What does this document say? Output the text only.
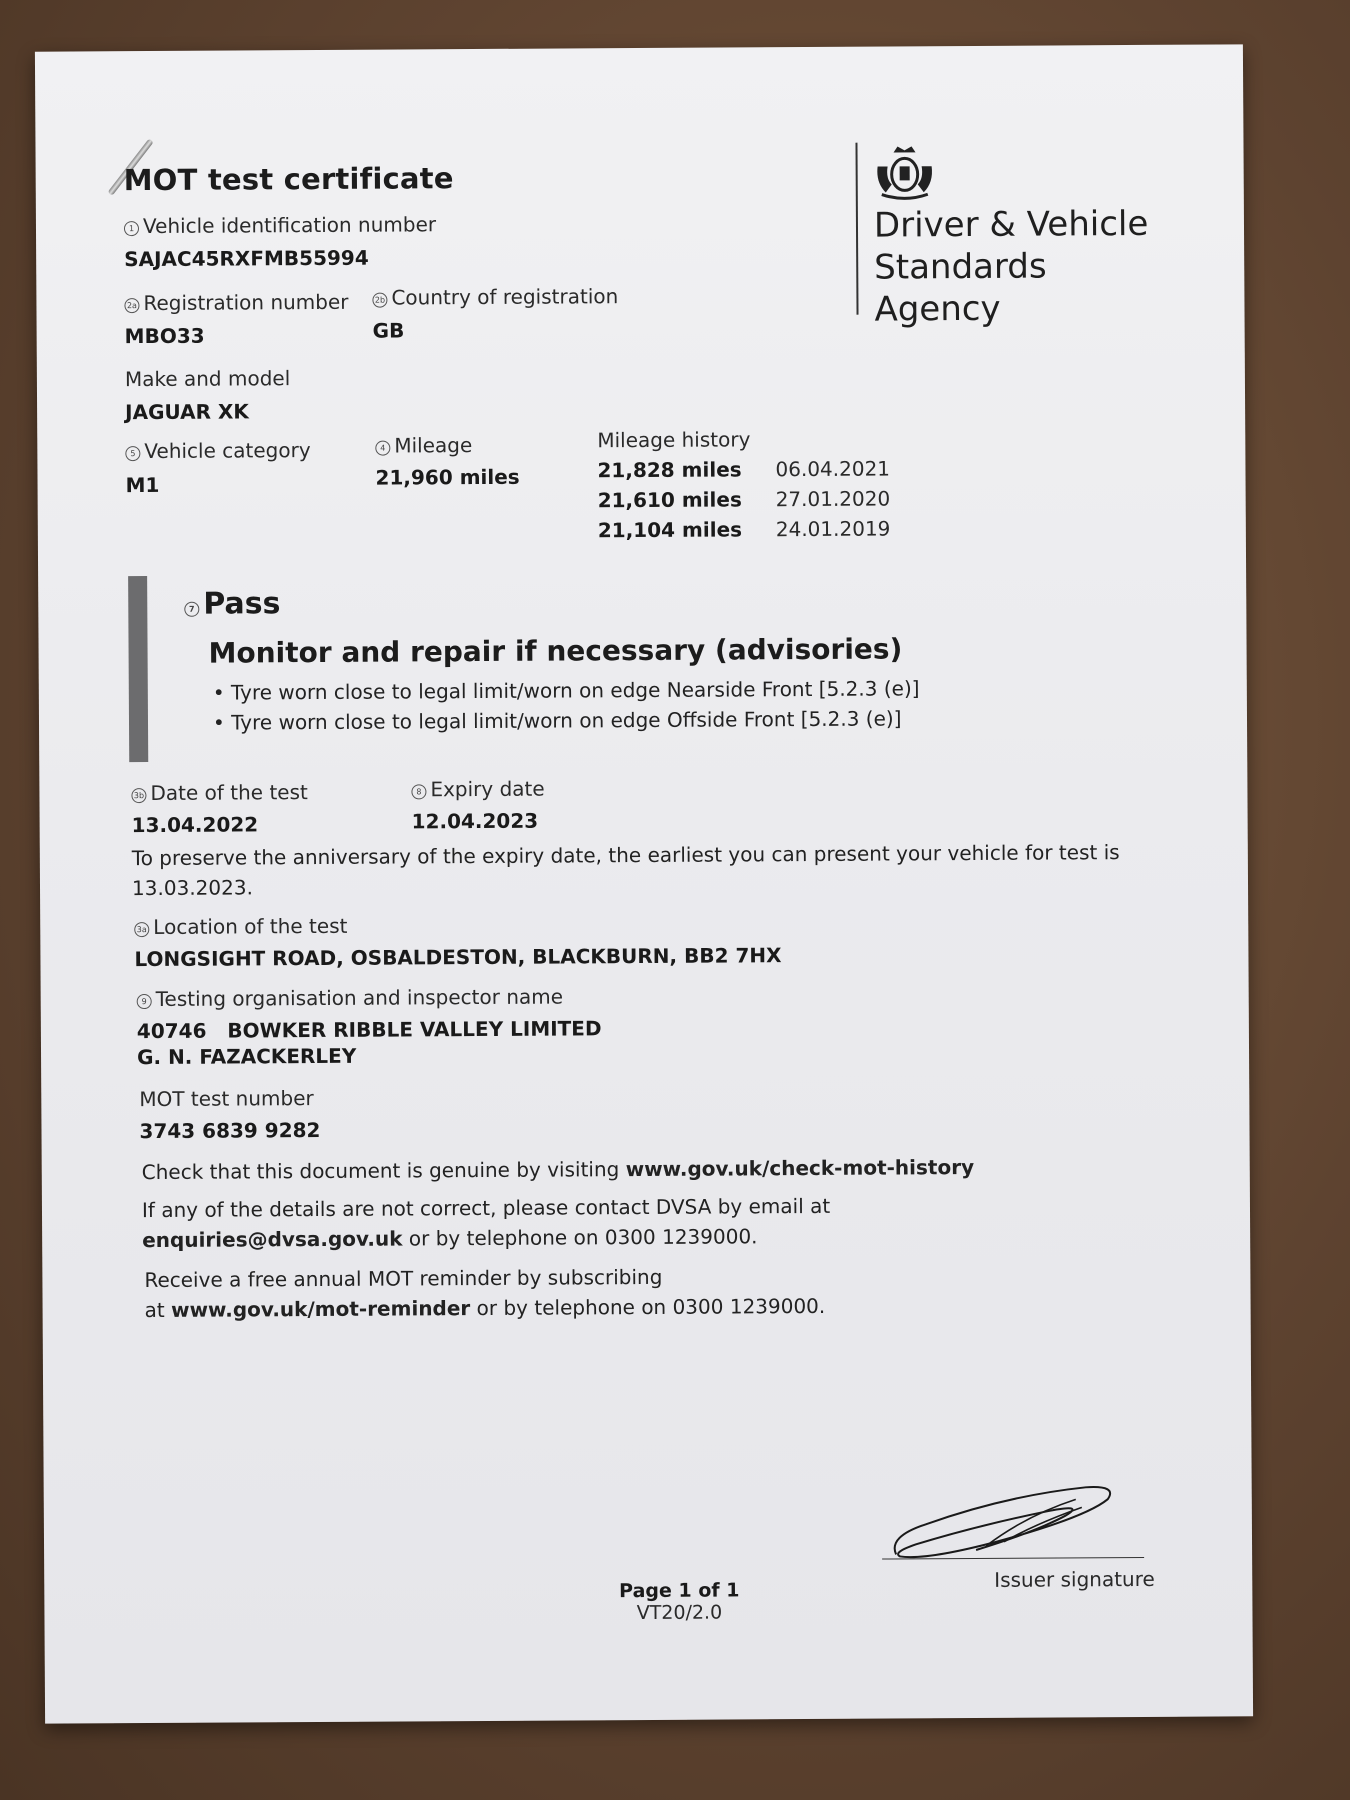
MOT test certificate
Driver & Vehicle
Standards
Agency
1 Vehicle identification number
SAJAC45RXFMB55994
2a Registration number
MBO33
2b Country of registration
GB
Make and model
JAGUAR XK
5 Vehicle category
M1
4 Mileage
21,960 miles
Mileage history
21,828 miles	06.04.2021
21,610 miles	27.01.2020
21,104 miles	24.01.2019
7 Pass
Monitor and repair if necessary (advisories)
• Tyre worn close to legal limit/worn on edge Nearside Front [5.2.3 (e)]
• Tyre worn close to legal limit/worn on edge Offside Front [5.2.3 (e)]
3b Date of the test
13.04.2022
8 Expiry date
12.04.2023
To preserve the anniversary of the expiry date, the earliest you can present your vehicle for test is
13.03.2023.
3a Location of the test
LONGSIGHT ROAD, OSBALDESTON, BLACKBURN, BB2 7HX
9 Testing organisation and inspector name
40746 BOWKER RIBBLE VALLEY LIMITED
G. N. FAZACKERLEY
MOT test number
3743 6839 9282
Check that this document is genuine by visiting www.gov.uk/check-mot-history
If any of the details are not correct, please contact DVSA by email at
enquiries@dvsa.gov.uk or by telephone on 0300 1239000.
Receive a free annual MOT reminder by subscribing
at www.gov.uk/mot-reminder or by telephone on 0300 1239000.
Issuer signature
Page 1 of 1
VT20/2.0
